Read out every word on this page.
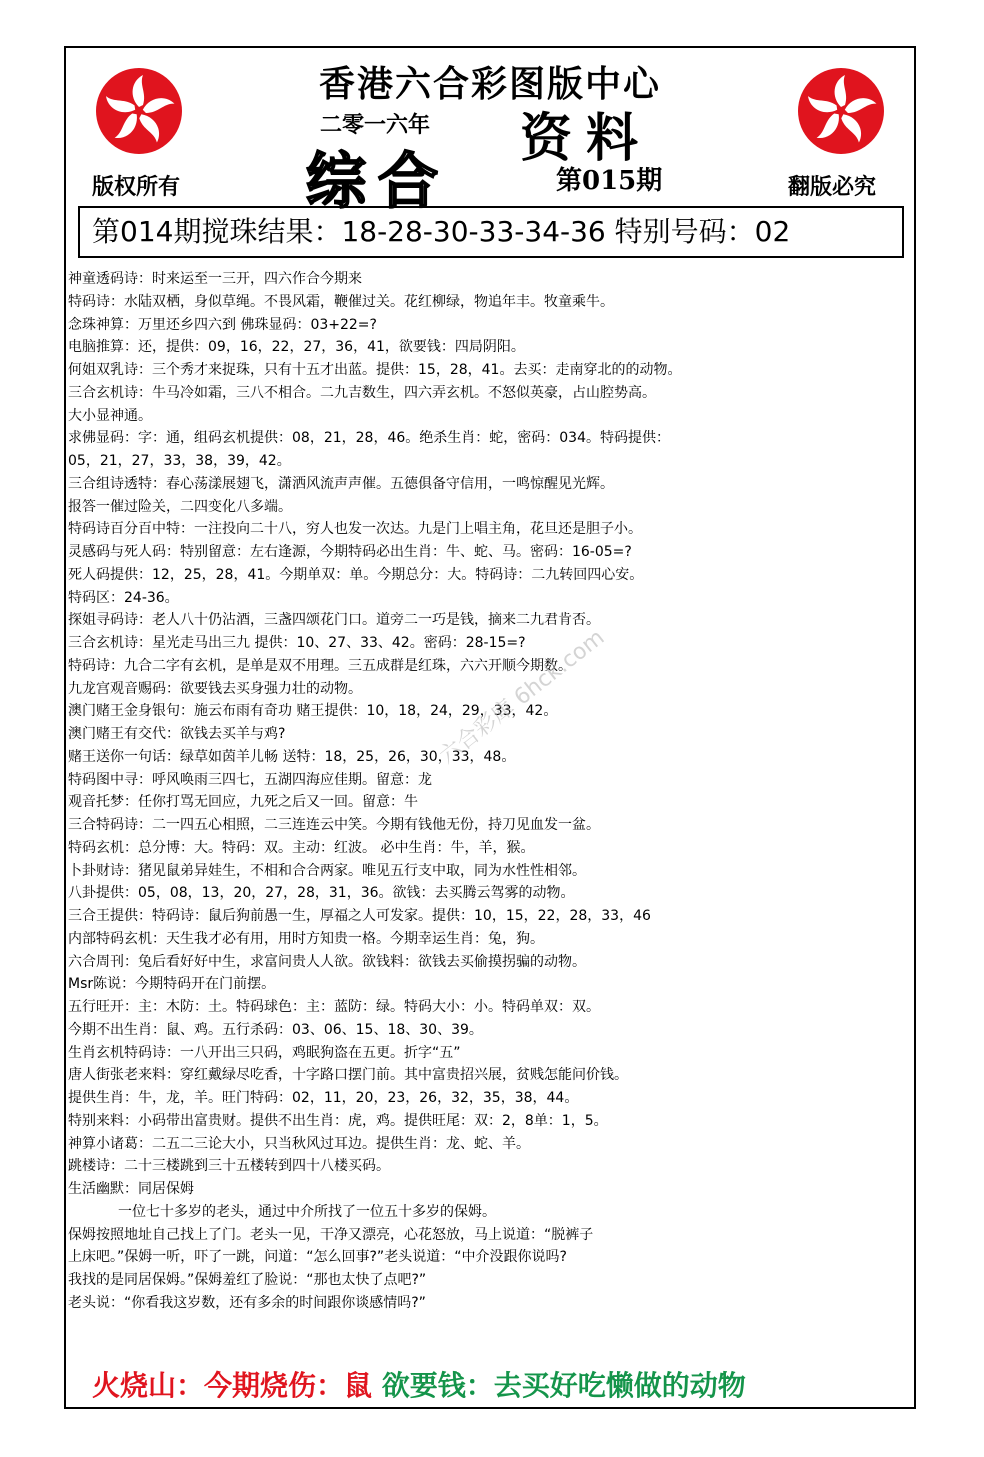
香港六合彩图版中心
二零一六年 资料
综合	第015期
版权所有	翻版必究
第014期搅珠结果：18-28-30-33-34-36 特别号码：02
神童透码诗：时来运至一三开，四六作合今期来
特码诗：水陆双栖，身似草绳。不畏风霜，鞭催过关。花红柳绿，物追年丰。牧童乘牛。
念珠神算：万里还乡四六到 佛珠显码：03+22=?
电脑推算：还，提供：09，16，22，27，36，41，欲要钱：四局阴阳。
何姐双乳诗：三个秀才来捉珠，只有十五才出蓝。提供：15，28，41。去买：走南穿北的的动物。
三合玄机诗：牛马冷如霜，三八不相合。二九吉数生，四六弄玄机。不怒似英豪，占山腔势高。
大小显神通。
求佛显码：字：通，组码玄机提供：08，21，28，46。绝杀生肖：蛇，密码：034。特码提供：
05，21，27，33，38，39，42。
三合组诗透特：春心荡漾展翅飞，潇洒风流声声催。五德俱备守信用，一鸣惊醒见光辉。
报答一催过险关，二四变化八多端。
特码诗百分百中特：一注投向二十八，穷人也发一次达。九是门上唱主角，花旦还是胆子小。
灵感码与死人码：特别留意：左右逢源，今期特码必出生肖：牛、蛇、马。密码：16-05=?
死人码提供：12，25，28，41。今期单双：单。今期总分：大。特码诗：二九转回四心安。
特码区：24-36。
探姐寻码诗：老人八十仍沾酒，三盏四颂花门口。道旁二一巧是钱，摘来二九君肯否。
三合玄机诗：星光走马出三九 提供：10、27、33、42。密码：28-15=?
特码诗：九合二字有玄机，是单是双不用理。三五成群是红珠，六六开顺今期数。
九龙宫观音赐码：欲要钱去买身强力壮的动物。
澳门赌王金身银句：施云布雨有奇功 赌王提供：10，18，24，29，33，42。
澳门赌王有交代：欲钱去买羊与鸡?
赌王送你一句话：绿草如茵羊儿畅 送特：18，25，26，30，33，48。
特码图中寻：呼风唤雨三四七，五湖四海应佳期。留意：龙
观音托梦：任你打骂无回应，九死之后又一回。留意：牛
三合特码诗：二一四五心相照，二三连连云中笑。今期有钱他无份，持刀见血发一盆。
特码玄机：总分博：大。特码：双。主动：红波。 必中生肖：牛，羊，猴。
卜卦财诗：猪见鼠弟异娃生，不相和合合两家。唯见五行支中取，同为水性性相邻。
八卦提供：05，08，13，20，27，28，31，36。欲钱：去买腾云驾雾的动物。
三合王提供：特码诗：鼠后狗前愚一生，厚福之人可发家。提供：10，15，22，28，33，46
内部特码玄机：天生我才必有用，用时方知贵一格。今期幸运生肖：兔，狗。
六合周刊：兔后看好好中生，求富问贵人人欲。欲钱料：欲钱去买偷摸拐骗的动物。
Msr陈说：今期特码开在门前摆。
五行旺开：主：木防：土。特码球色：主：蓝防：绿。特码大小：小。特码单双：双。
今期不出生肖：鼠、鸡。五行杀码：03、06、15、18、30、39。
生肖玄机特码诗：一八开出三只码，鸡眠狗盗在五更。折字“五”
唐人街张老来料：穿红戴绿尽吃香，十字路口摆门前。其中富贵招兴展，贫贱怎能问价钱。
提供生肖：牛，龙，羊。旺门特码：02，11，20，23，26，32，35，38，44。
特别来料：小码带出富贵财。提供不出生肖：虎，鸡。提供旺尾：双：2，8单：1，5。
神算小诸葛：二五二三论大小，只当秋风过耳边。提供生肖：龙、蛇、羊。
跳楼诗：二十三楼跳到三十五楼转到四十八楼买码。
生活幽默：同居保姆
一位七十多岁的老头，通过中介所找了一位五十多岁的保姆。
保姆按照地址自己找上了门。老头一见，干净又漂亮，心花怒放，马上说道：“脱裤子
上床吧。”保姆一听，吓了一跳，问道：“怎么回事?”老头说道：“中介没跟你说吗?
我找的是同居保姆。”保姆羞红了脸说：“那也太快了点吧?”
老头说：“你看我这岁数，还有多余的时间跟你谈感情吗?”
六合彩庫 6hck.com
火烧山：今期烧伤：鼠 欲要钱：去买好吃懒做的动物
